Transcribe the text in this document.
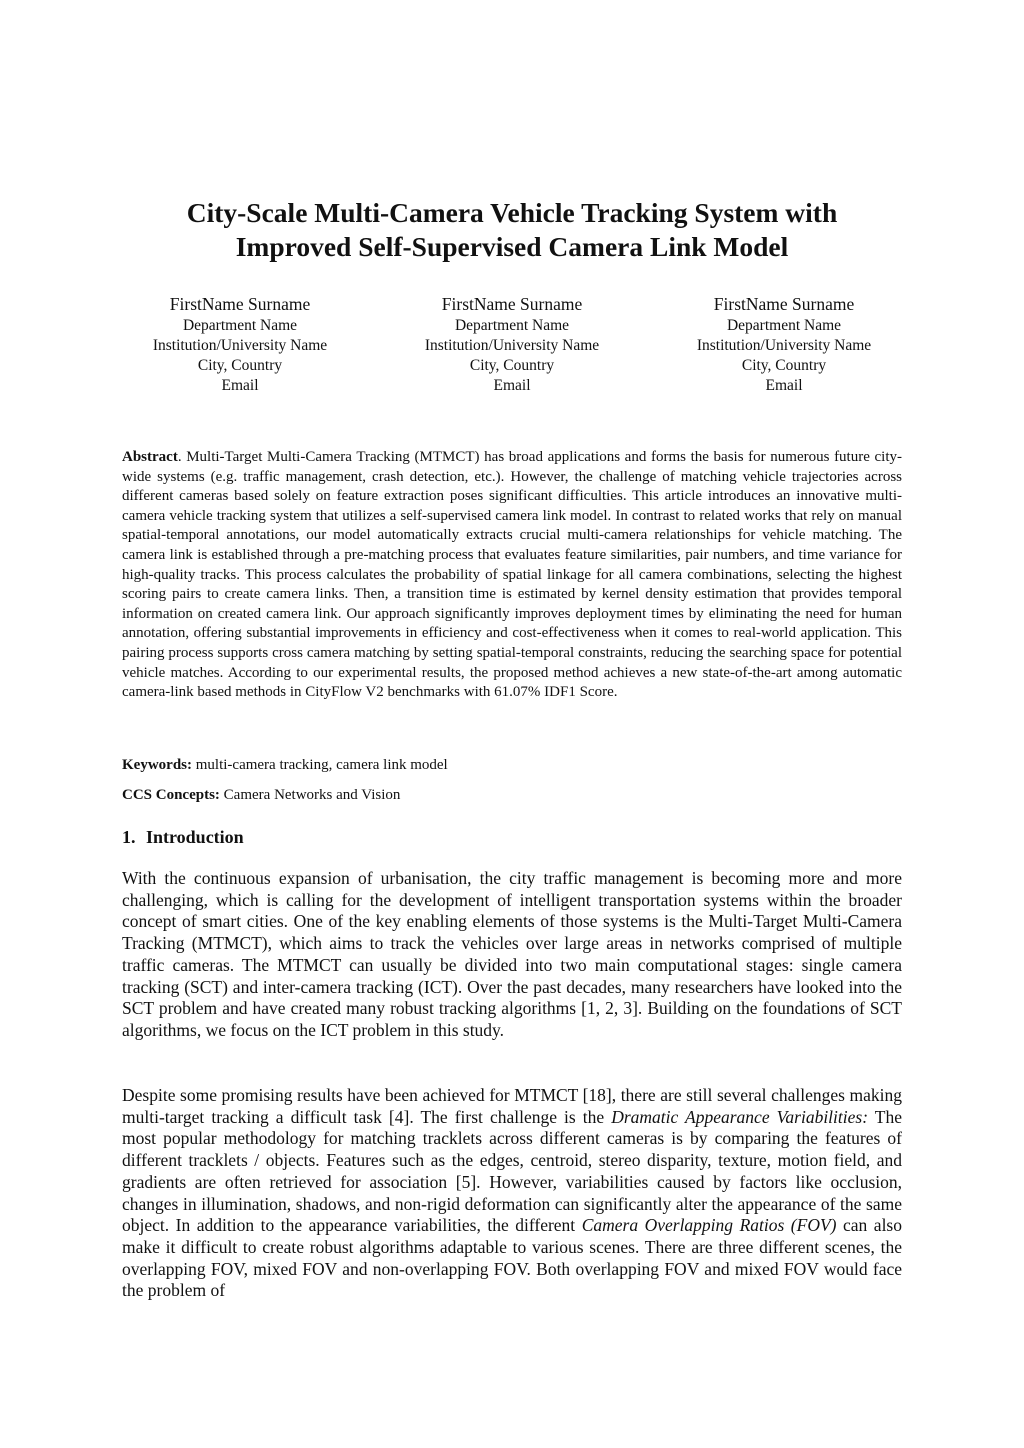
City-Scale Multi-Camera Vehicle Tracking System with
Improved Self-Supervised Camera Link Model
FirstName Surname
Department Name
Institution/University Name
City, Country
Email
FirstName Surname
Department Name
Institution/University Name
City, Country
Email
FirstName Surname
Department Name
Institution/University Name
City, Country
Email
Abstract. Multi-Target Multi-Camera Tracking (MTMCT) has broad applications and forms the basis for numerous future city-wide systems (e.g. traffic management, crash detection, etc.). However, the challenge of matching vehicle trajectories across different cameras based solely on feature extraction poses significant difficulties. This article introduces an innovative multi-camera vehicle tracking system that utilizes a self-supervised camera link model. In contrast to related works that rely on manual spatial-temporal annotations, our model automatically extracts crucial multi-camera relationships for vehicle matching. The camera link is established through a pre-matching process that evaluates feature similarities, pair numbers, and time variance for high-quality tracks. This process calculates the probability of spatial linkage for all camera combinations, selecting the highest scoring pairs to create camera links. Then, a transition time is estimated by kernel density estimation that provides temporal information on created camera link. Our approach significantly improves deployment times by eliminating the need for human annotation, offering substantial improvements in efficiency and cost-effectiveness when it comes to real-world application. This pairing process supports cross camera matching by setting spatial-temporal constraints, reducing the searching space for potential vehicle matches. According to our experimental results, the proposed method achieves a new state-of-the-art among automatic camera-link based methods in CityFlow V2 benchmarks with 61.07% IDF1 Score.
Keywords: multi-camera tracking, camera link model
CCS Concepts: Camera Networks and Vision
1. Introduction
With the continuous expansion of urbanisation, the city traffic management is becoming more and more challenging, which is calling for the development of intelligent transportation systems within the broader concept of smart cities. One of the key enabling elements of those systems is the Multi-Target Multi-Camera Tracking (MTMCT), which aims to track the vehicles over large areas in networks comprised of multiple traffic cameras. The MTMCT can usually be divided into two main computational stages: single camera tracking (SCT) and inter-camera tracking (ICT). Over the past decades, many researchers have looked into the SCT problem and have created many robust tracking algorithms [1, 2, 3]. Building on the foundations of SCT algorithms, we focus on the ICT problem in this study.
Despite some promising results have been achieved for MTMCT [18], there are still several challenges making multi-target tracking a difficult task [4]. The first challenge is the Dramatic Appearance Variabilities: The most popular methodology for matching tracklets across different cameras is by comparing the features of different tracklets / objects. Features such as the edges, centroid, stereo disparity, texture, motion field, and gradients are often retrieved for association [5]. However, variabilities caused by factors like occlusion, changes in illumination, shadows, and non-rigid deformation can significantly alter the appearance of the same object. In addition to the appearance variabilities, the different Camera Overlapping Ratios (FOV) can also make it difficult to create robust algorithms adaptable to various scenes. There are three different scenes, the overlapping FOV, mixed FOV and non-overlapping FOV. Both overlapping FOV and mixed FOV would face the problem of
